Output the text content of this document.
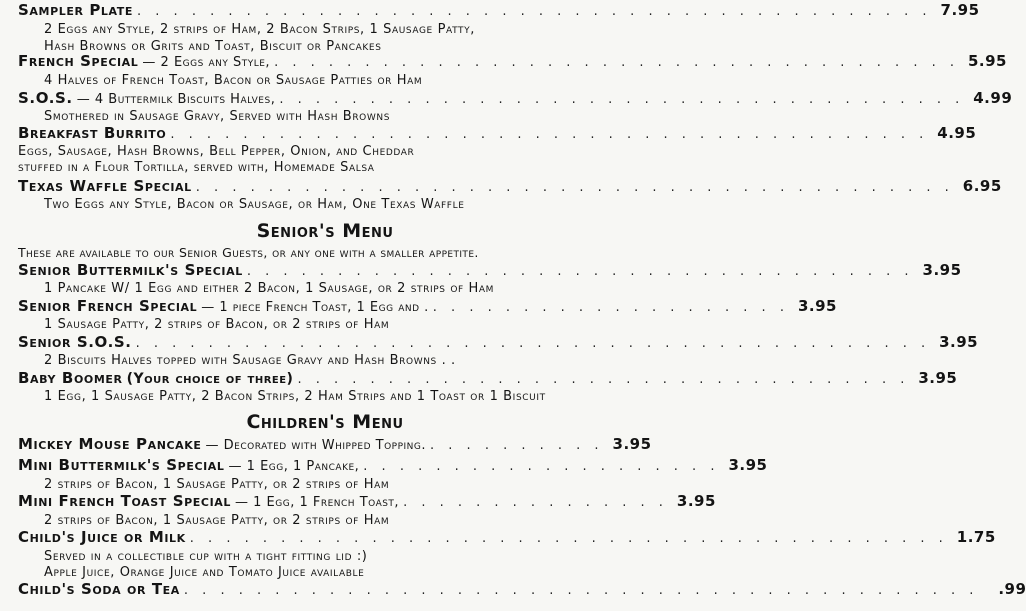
Sampler Plate . . . . . . . . . . . . . . . . . . . . . . . . . . . . . . . . . . . . . . . . . . . . 7.95
2 Eggs any Style, 2 strips of Ham, 2 Bacon Strips, 1 Sausage Patty,
Hash Browns or Grits and Toast, Biscuit or Pancakes
French Special — 2 Eggs any Style, . . . . . . . . . . . . . . . . . . . . . . . . . . . . . . . . . . . . . . 5.95
4 Halves of French Toast, Bacon or Sausage Patties or Ham
S.O.S. — 4 Buttermilk Biscuits Halves, . . . . . . . . . . . . . . . . . . . . . . . . . . . . . . . . . . . . . . 4.99
Smothered in Sausage Gravy, Served with Hash Browns
Breakfast Burrito . . . . . . . . . . . . . . . . . . . . . . . . . . . . . . . . . . . . . . . . . . 4.95
Eggs, Sausage, Hash Browns, Bell Pepper, Onion, and Cheddar
stuffed in a Flour Tortilla, served with, Homemade Salsa
Texas Waffle Special . . . . . . . . . . . . . . . . . . . . . . . . . . . . . . . . . . . . . . . . . . 6.95
Two Eggs any Style, Bacon or Sausage, or Ham, One Texas Waffle
Senior's Menu
These are available to our Senior Guests, or any one with a smaller appetite.
Senior Buttermilk's Special . . . . . . . . . . . . . . . . . . . . . . . . . . . . . . . . . . . . . 3.95
1 Pancake W/ 1 Egg and either 2 Bacon, 1 Sausage, or 2 strips of Ham
Senior French Special — 1 piece French Toast, 1 Egg and . . . . . . . . . . . . . . . . . . . . . 3.95
1 Sausage Patty, 2 strips of Bacon, or 2 strips of Ham
Senior S.O.S. . . . . . . . . . . . . . . . . . . . . . . . . . . . . . . . . . . . . . . . . . . . . 3.95
2 Biscuits Halves topped with Sausage Gravy and Hash Browns . .
Baby Boomer (Your choice of three) . . . . . . . . . . . . . . . . . . . . . . . . . . . . . . . . . . 3.95
1 Egg, 1 Sausage Patty, 2 Bacon Strips, 2 Ham Strips and 1 Toast or 1 Biscuit
Children's Menu
Mickey Mouse Pancake — Decorated with Whipped Topping. . . . . . . . . . . 3.95
Mini Buttermilk's Special — 1 Egg, 1 Pancake, . . . . . . . . . . . . . . . . . . . . 3.95
2 strips of Bacon, 1 Sausage Patty, or 2 strips of Ham
Mini French Toast Special — 1 Egg, 1 French Toast, . . . . . . . . . . . . . . . 3.95
2 strips of Bacon, 1 Sausage Patty, or 2 strips of Ham
Child's Juice or Milk . . . . . . . . . . . . . . . . . . . . . . . . . . . . . . . . . . . . . . . . . . 1.75
Served in a collectible cup with a tight fitting lid :)
Apple Juice, Orange Juice and Tomato Juice available
Child's Soda or Tea . . . . . . . . . . . . . . . . . . . . . . . . . . . . . . . . . . . . . . . . . . . .	.99
